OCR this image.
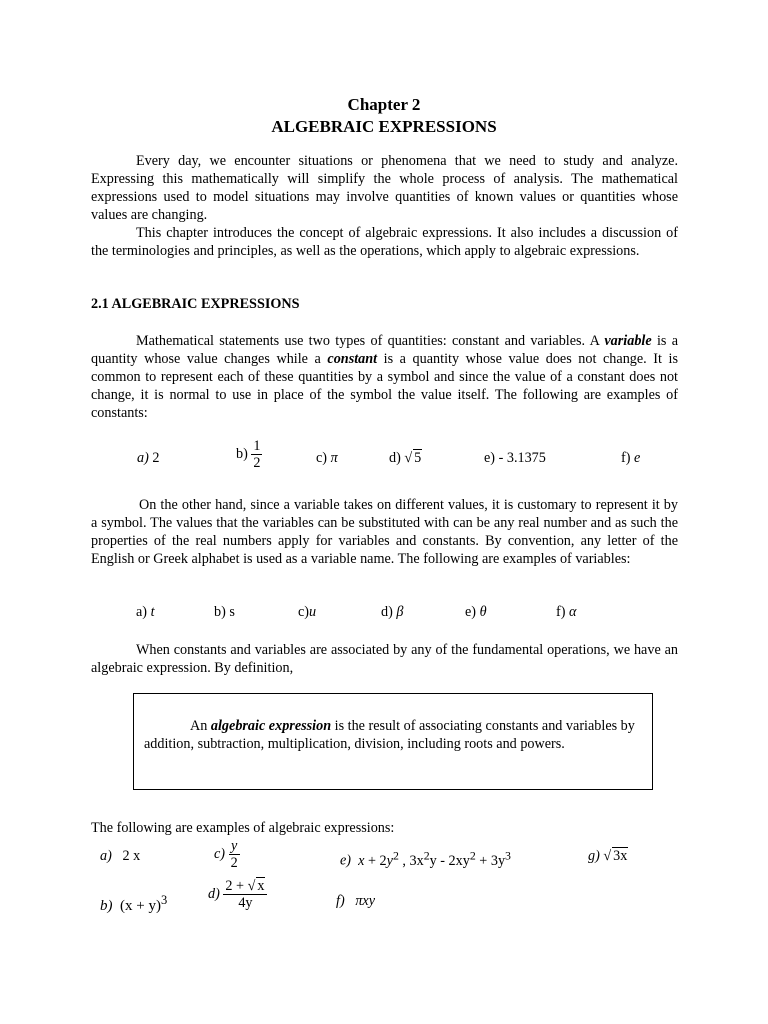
Chapter 2
ALGEBRAIC EXPRESSIONS

Every day, we encounter situations or phenomena that we need to study and analyze. Expressing this mathematically will simplify the whole process of analysis. The mathematical expressions used to model situations may involve quantities of known values or quantities whose values are changing.

This chapter introduces the concept of algebraic expressions. It also includes a discussion of the terminologies and principles, as well as the operations, which apply to algebraic expressions.

2.1 ALGEBRAIC EXPRESSIONS

Mathematical statements use two types of quantities: constant and variables. A variable is a quantity whose value changes while a constant is a quantity whose value does not change. It is common to represent each of these quantities by a symbol and since the value of a constant does not change, it is normal to use in place of the symbol the value itself. The following are examples of constants:

a) 2	$b) \frac{1}{2}$	c) π	d) √ 5	e) - 3.1375	f) e

On the other hand, since a variable takes on different values, it is customary to represent it by a symbol. The values that the variables can be substituted with can be any real number and as such the properties of the real numbers apply for variables and constants. By convention, any letter of the English or Greek alphabet is used as a variable name. The following are examples of variables:

a) t	b) s	c)u	d) β	e) θ	f) α

When constants and variables are associated by any of the fundamental operations, we have an algebraic expression. By definition,

An algebraic expression is the result of associating constants and variables by addition, subtraction, multiplication, division, including roots and powers.

The following are examples of algebraic expressions:
a) 2 x	$c) \frac{y}{2}$	e) $x + 2y^2$ , $3x^2y - 2xy^2 + 3y^3$	g) √ 3x
b) $(x + y)^3$	$d) \frac{2 + √ x}{4y}$	f) πxy
